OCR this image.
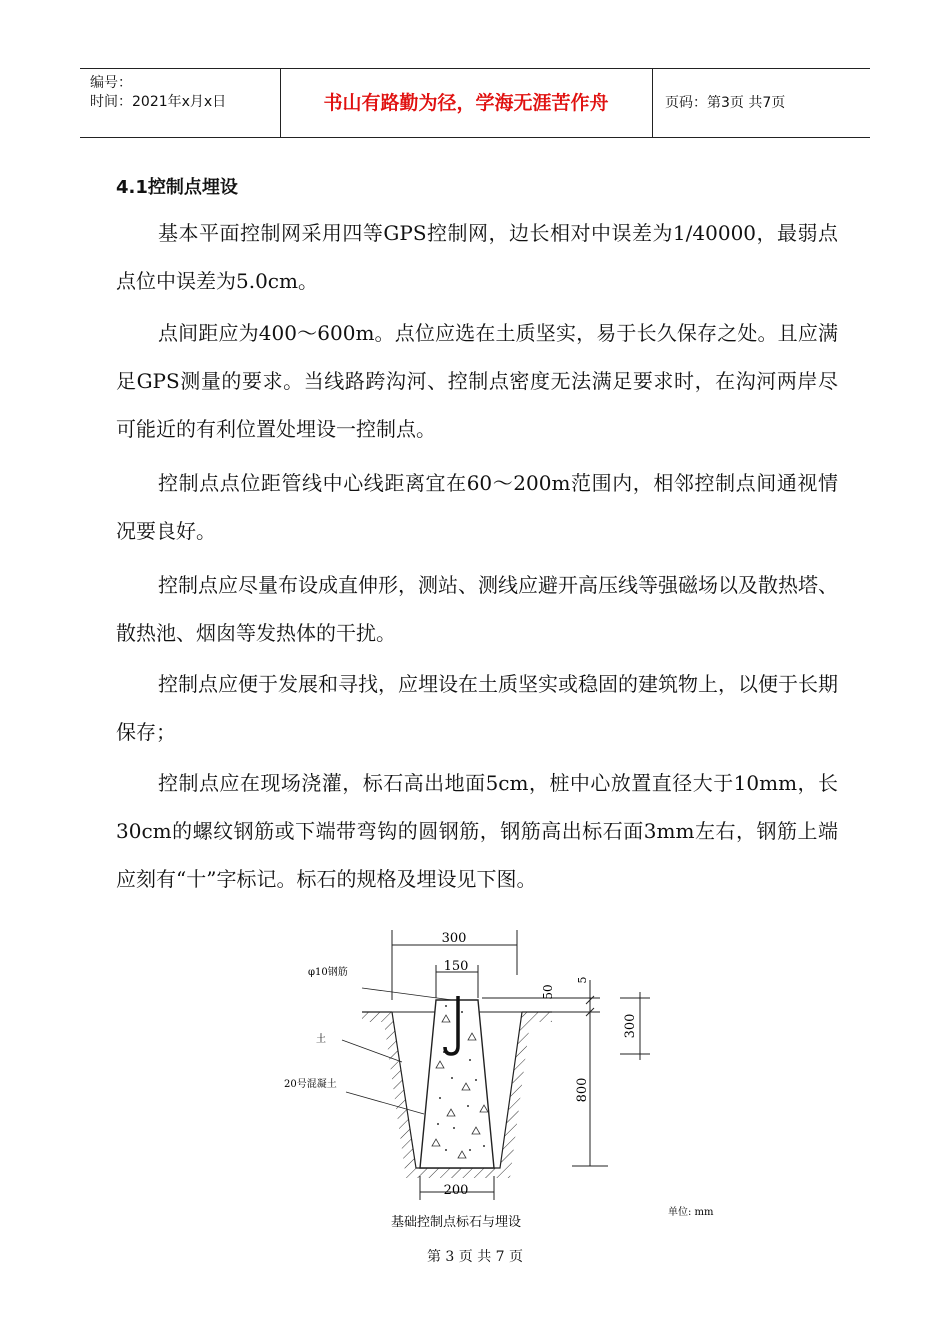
编号：
时间：2021年x月x日	书山有路勤为径，学海无涯苦作舟	页码：第3页 共7页
4.1控制点埋设

基本平面控制网采用四等GPS控制网，边长相对中误差为1/40000，最弱点点位中误差为5.0cm。

点间距应为400～600m。点位应选在土质坚实，易于长久保存之处。且应满足GPS测量的要求。当线路跨沟河、控制点密度无法满足要求时，在沟河两岸尽可能近的有利位置处埋设一控制点。

控制点点位距管线中心线距离宜在60～200m范围内，相邻控制点间通视情况要良好。

控制点应尽量布设成直伸形，测站、测线应避开高压线等强磁场以及散热塔、散热池、烟囱等发热体的干扰。

控制点应便于发展和寻找，应埋设在土质坚实或稳固的建筑物上，以便于长期保存；

控制点应在现场浇灌，标石高出地面5cm，桩中心放置直径大于10mm，长30cm的螺纹钢筋或下端带弯钩的圆钢筋，钢筋高出标石面3mm左右，钢筋上端应刻有“十”字标记。标石的规格及埋设见下图。

300
150
200
50
5
300
800
φ10钢筋
土
20号混凝土
基础控制点标石与埋设
单位: mm
第 3 页 共 7 页
